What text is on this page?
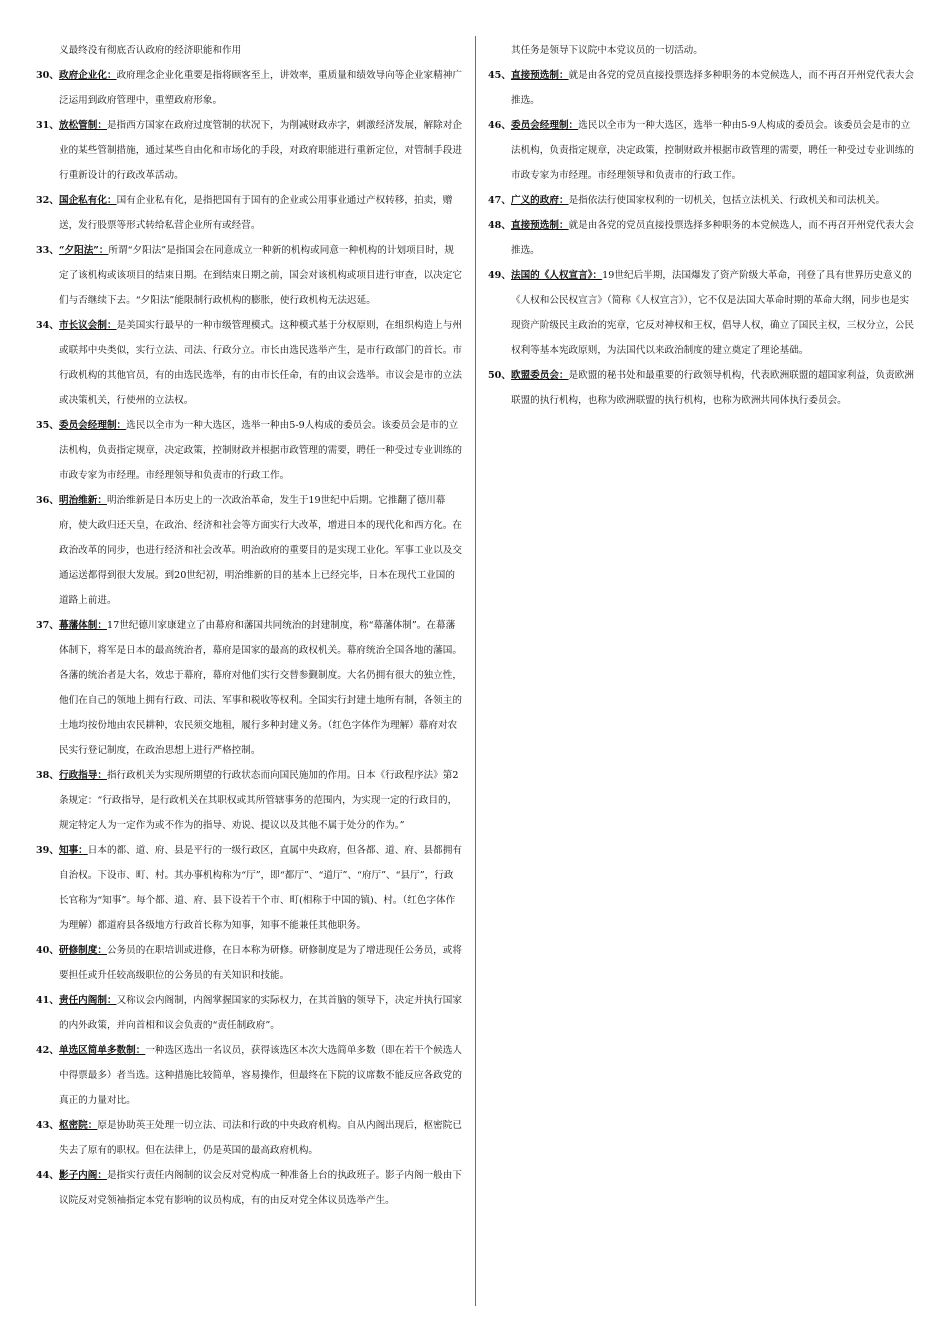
义最终没有彻底否认政府的经济职能和作用

30、 政府企业化：政府理念企业化重要是指将顾客至上，讲效率，重质量和绩效导向等企业家精神广泛运用到政府管理中，重塑政府形象。

31、 放松管制：是指西方国家在政府过度管制的状况下，为削减财政赤字，刺激经济发展，解除对企业的某些管制措施，通过某些自由化和市场化的手段，对政府职能进行重新定位，对管制手段进行重新设计的行政改革活动。

32、 国企私有化：国有企业私有化，是指把国有于国有的企业或公用事业通过产权转移，拍卖，赠送，发行股票等形式转给私营企业所有或经营。

33、 “夕阳法”：所谓“夕阳法”是指国会在同意成立一种新的机构或同意一种机构的计划项目时，规定了该机构或该项目的结束日期。在到结束日期之前，国会对该机构或项目进行审查，以决定它们与否继续下去。“夕阳法”能限制行政机构的膨胀，使行政机构无法迟延。

34、 市长议会制：是美国实行最早的一种市级管理模式。这种模式基于分权原则，在组织构造上与州或联邦中央类似，实行立法、司法、行政分立。市长由选民选举产生，是市行政部门的首长。市行政机构的其他官员，有的由选民选举，有的由市长任命，有的由议会选举。市议会是市的立法或决策机关，行使州的立法权。

35、 委员会经理制：选民以全市为一种大选区，选举一种由5-9人构成的委员会。该委员会是市的立法机构，负责指定规章，决定政策，控制财政并根据市政管理的需要，聘任一种受过专业训练的市政专家为市经理。市经理领导和负责市的行政工作。

36、 明治维新：明治维新是日本历史上的一次政治革命，发生于19世纪中后期。它推翻了德川幕府，使大政归还天皇，在政治、经济和社会等方面实行大改革，增进日本的现代化和西方化。在政治改革的同步，也进行经济和社会改革。明治政府的重要目的是实现工业化。军事工业以及交通运送都得到很大发展。到20世纪初，明治维新的目的基本上已经完毕，日本在现代工业国的道路上前进。

37、 幕藩体制：17世纪德川家康建立了由幕府和藩国共同统治的封建制度，称“幕藩体制”。在幕藩体制下，将军是日本的最高统治者，幕府是国家的最高的政权机关。幕府统治全国各地的藩国。各藩的统治者是大名，效忠于幕府，幕府对他们实行交替参觐制度。大名仍拥有很大的独立性，他们在自己的领地上拥有行政、司法、军事和税收等权利。全国实行封建土地所有制，各领主的土地均按份地由农民耕种，农民须交地租，履行多种封建义务。（红色字体作为理解）幕府对农民实行登记制度，在政治思想上进行严格控制。

38、 行政指导：指行政机关为实现所期望的行政状态而向国民施加的作用。日本《行政程序法》第2条规定：“行政指导，是行政机关在其职权或其所管辖事务的范围内，为实现一定的行政目的，规定特定人为一定作为或不作为的指导、劝说、提议以及其他不属于处分的作为。”

39、 知事：日本的都、道、府、县是平行的一级行政区，直属中央政府，但各都、道、府、县都拥有自治权。下设市、町、村。其办事机构称为“厅”，即“都厅”、“道厅”、“府厅”、“县厅”，行政长官称为“知事”。每个都、道、府、县下设若干个市、町(相称于中国的镇)、村。（红色字体作为理解）都道府县各级地方行政首长称为知事，知事不能兼任其他职务。

40、 研修制度：公务员的在职培训或进修，在日本称为研修。研修制度是为了增进现任公务员，或将要担任或升任较高级职位的公务员的有关知识和技能。

41、 责任内阁制：又称议会内阁制，内阁掌握国家的实际权力，在其首脑的领导下，决定并执行国家的内外政策，并向首相和议会负责的“责任制政府”。

42、 单选区简单多数制：一种选区选出一名议员，获得该选区本次大选简单多数（即在若干个候选人中得票最多）者当选。这种措施比较简单，容易操作，但最终在下院的议席数不能反应各政党的真正的力量对比。

43、 枢密院：原是协助英王处理一切立法、司法和行政的中央政府机构。自从内阁出现后，枢密院已失去了原有的职权。但在法律上，仍是英国的最高政府机构。

44、 影子内阁：是指实行责任内阁制的议会反对党构成一种准备上台的执政班子。影子内阁一般由下议院反对党领袖指定本党有影响的议员构成，有的由反对党全体议员选举产生。

其任务是领导下议院中本党议员的一切活动。

45、 直接预选制：就是由各党的党员直接投票选择多种职务的本党候选人，而不再召开州党代表大会推选。

46、 委员会经理制：选民以全市为一种大选区，选举一种由5-9人构成的委员会。该委员会是市的立法机构，负责指定规章，决定政策，控制财政并根据市政管理的需要，聘任一种受过专业训练的市政专家为市经理。市经理领导和负责市的行政工作。

47、 广义的政府：是指依法行使国家权利的一切机关，包括立法机关、行政机关和司法机关。

48、 直接预选制：就是由各党的党员直接投票选择多种职务的本党候选人，而不再召开州党代表大会推选。

49、 法国的《人权宣言》：19世纪后半期，法国爆发了资产阶级大革命，刊登了具有世界历史意义的《人权和公民权宣言》（简称《人权宣言》），它不仅是法国大革命时期的革命大纲，同步也是实现资产阶级民主政治的宪章，它反对神权和王权，倡导人权，确立了国民主权，三权分立，公民权利等基本宪政原则，为法国代以来政治制度的建立奠定了理论基础。

50、 欧盟委员会：是欧盟的秘书处和最重要的行政领导机构，代表欧洲联盟的超国家利益，负责欧洲联盟的执行机构，也称为欧洲联盟的执行机构，也称为欧洲共同体执行委员会。
